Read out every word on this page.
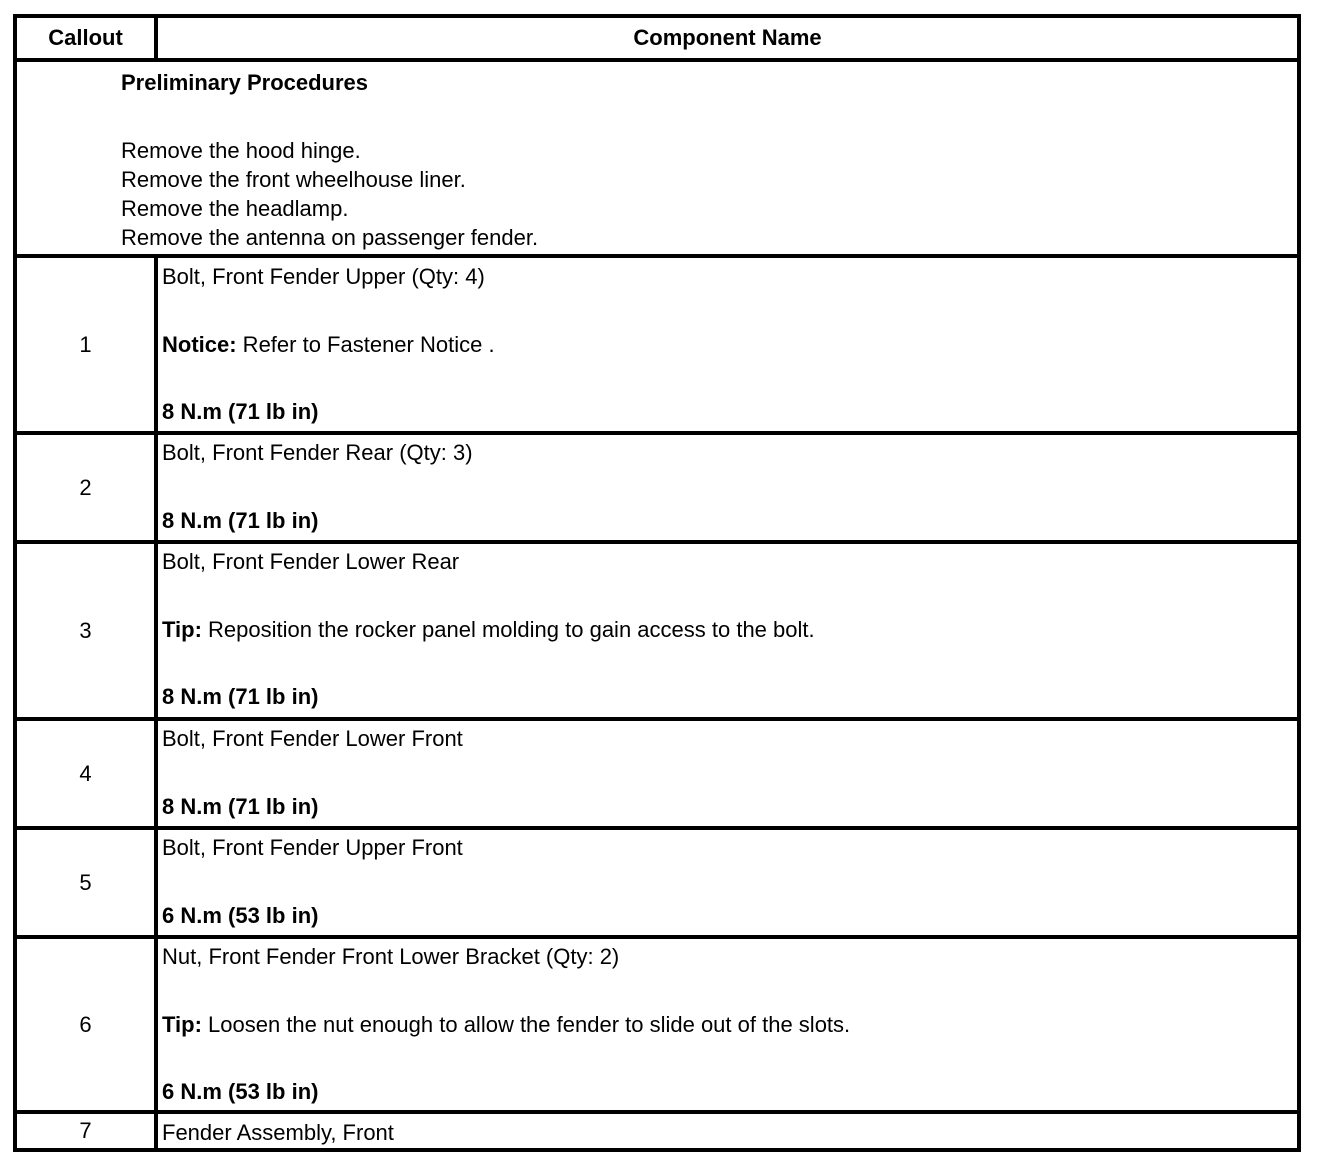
Callout	Component Name
Preliminary Procedures
Remove the hood hinge.
Remove the front wheelhouse liner.
Remove the headlamp.
Remove the antenna on passenger fender.
1
Bolt, Front Fender Upper (Qty: 4)
Notice: Refer to Fastener Notice .
8 N.m (71 lb in)
2
Bolt, Front Fender Rear (Qty: 3)
8 N.m (71 lb in)
3
Bolt, Front Fender Lower Rear
Tip: Reposition the rocker panel molding to gain access to the bolt.
8 N.m (71 lb in)
4
Bolt, Front Fender Lower Front
8 N.m (71 lb in)
5
Bolt, Front Fender Upper Front
6 N.m (53 lb in)
6
Nut, Front Fender Front Lower Bracket (Qty: 2)
Tip: Loosen the nut enough to allow the fender to slide out of the slots.
6 N.m (53 lb in)
7	Fender Assembly, Front
